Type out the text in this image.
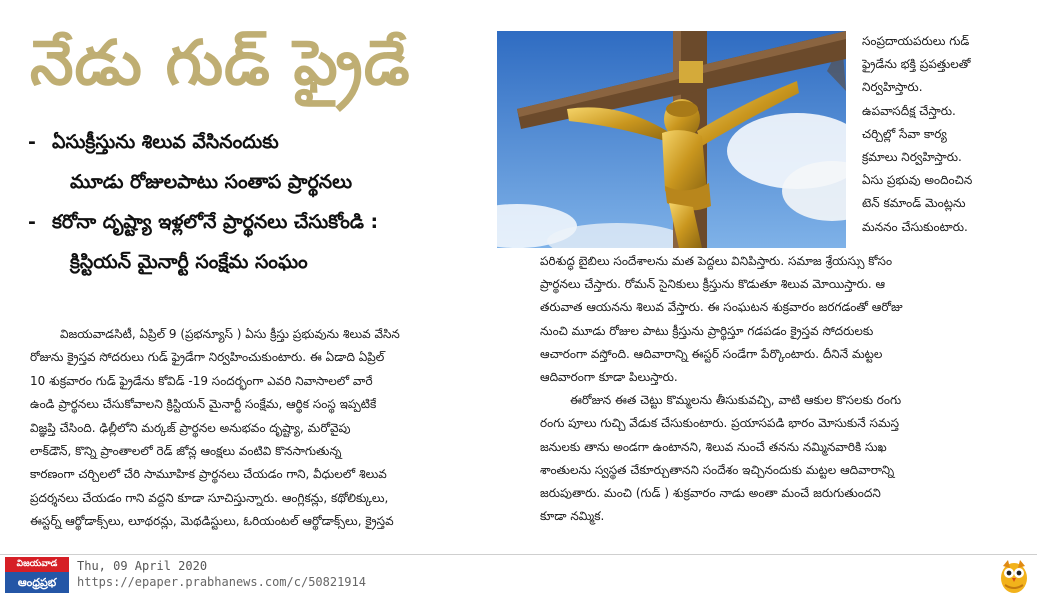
నేడు గుడ్ ఫ్రైడే
- ఏసుక్రీస్తును శిలువ వేసినందుకు
మూడు రోజులపాటు సంతాప ప్రార్థనలు
- కరోనా దృష్ట్యా ఇళ్లలోనే ప్రార్థనలు చేసుకోండి :
క్రిస్టియన్ మైనార్టీ సంక్షేమ సంఘం
సంప్రదాయపరులు గుడ్
ఫ్రైడేను భక్తి ప్రపత్తులతో
నిర్వహిస్తారు.
ఉపవాసదీక్ష చేస్తారు.
చర్చిల్లో సేవా కార్య
క్రమాలు నిర్వహిస్తారు.
ఏసు ప్రభువు అందించిన
టెన్ కమాండ్ మెంట్లను
మననం చేసుకుంటారు.
పరిశుద్ధ బైబిలు సందేశాలను మత పెద్దలు వినిపిస్తారు. సమాజ శ్రేయస్సు కోసం
ప్రార్థనలు చేస్తారు. రోమన్ సైనికులు క్రీస్తును కొడుతూ శిలువ మోయిస్తారు. ఆ
తరువాత ఆయనను శిలువ వేస్తారు. ఈ సంఘటన శుక్రవారం జరగడంతో ఆరోజు
నుంచి మూడు రోజుల పాటు క్రీస్తును ప్రార్థిస్తూ గడపడం క్రైస్తవ సోదరులకు
ఆచారంగా వస్తోంది. ఆదివారాన్ని ఈస్టర్ సండేగా పేర్కొంటారు. దీనినే మట్టల
ఆదివారంగా కూడా పిలుస్తారు.
ఈరోజున ఈత చెట్టు కొమ్మలను తీసుకువచ్చి, వాటి ఆకుల కొసలకు రంగు
రంగు పూలు గుచ్చి వేడుక చేసుకుంటారు. ప్రయాసపడి భారం మోసుకునే సమస్త
జనులకు తాను అండగా ఉంటానని, శిలువ నుంచే తనను నమ్మినవారికి సుఖ
శాంతులను స్వస్థత చేకూర్చుతానని సందేశం ఇచ్చినందుకు మట్టల ఆదివారాన్ని
జరుపుతారు. మంచి (గుడ్ ) శుక్రవారం నాడు అంతా మంచే జరుగుతుందని
కూడా నమ్మిక.
విజయవాడసిటీ, ఏప్రిల్ 9 (ప్రభన్యూస్ ) ఏసు క్రీస్తు ప్రభువును శిలువ వేసిన
రోజును క్రైస్తవ సోదరులు గుడ్ ఫ్రైడేగా నిర్వహించుకుంటారు. ఈ ఏడాది ఏప్రిల్
10 శుక్రవారం గుడ్ ఫ్రైడేను కోవిడ్ -19 సందర్భంగా ఎవరి నివాసాలలో వారే
ఉండి ప్రార్థనలు చేసుకోవాలని క్రిస్టియన్ మైనార్టీ సంక్షేమ, ఆర్థిక సంస్థ ఇప్పటికే
విజ్ఞప్తి చేసింది. ఢిల్లీలోని మర్కజ్ ప్రార్థనల అనుభవం దృష్ట్యా, మరోవైపు
లాక్‌డౌన్, కొన్ని ప్రాంతాలలో రెడ్ జోన్ల ఆంక్షలు వంటివి కొనసాగుతున్న
కారణంగా చర్చిలలో చేరి సామూహిక ప్రార్థనలు చేయడం గాని, వీధులలో శిలువ
ప్రదర్శనలు చేయడం గాని వద్దని కూడా సూచిస్తున్నారు. ఆంగ్లికన్లు, కథోలిక్కులు,
ఈస్టర్న్ ఆర్థోడాక్స్‌లు, లూథరన్లు, మెథడిస్టులు, ఓరియంటల్ ఆర్థోడాక్స్‌లు, క్రైస్తవ
విజయవాడ
ఆంధ్రప్రభ
Thu, 09 April 2020
https://epaper.prabhanews.com/c/50821914
